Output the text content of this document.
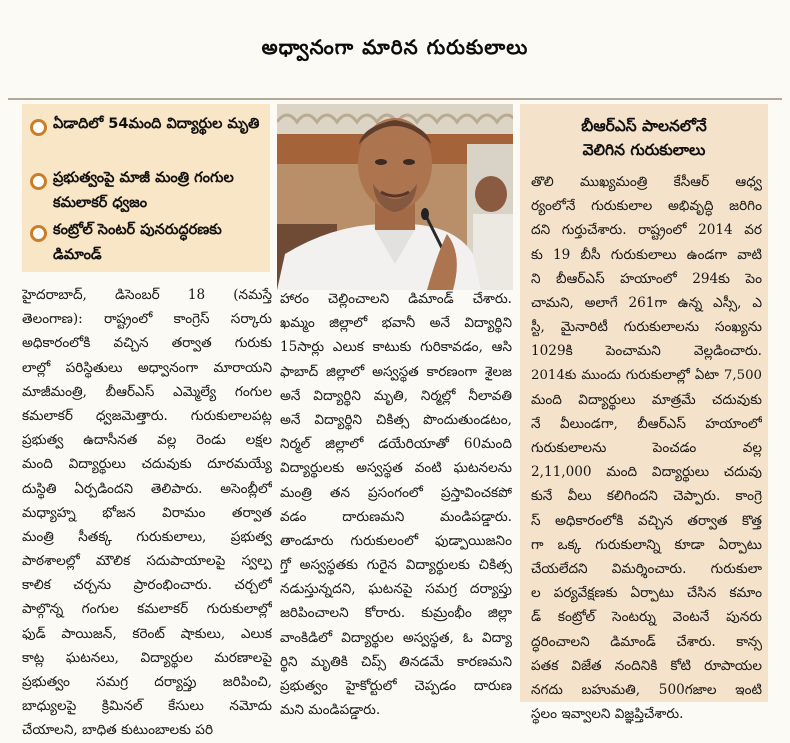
అధ్వానంగా మారిన గురుకులాలు
ఏడాదిలో 54మంది విద్యార్థుల మృతి
ప్రభుత్వంపై మాజీ మంత్రి గంగుల కమలాకర్ ధ్వజం
కంట్రోల్ సెంటర్ పునరుద్ధరణకు డిమాండ్
హైదరాబాద్, డిసెంబర్ 18 (నమస్తే
తెలంగాణ): రాష్ట్రంలో కాంగ్రెస్ సర్కారు
అధికారంలోకి వచ్చిన తర్వాత గురుకు
లాల్లో పరిస్థితులు అధ్వానంగా మారాయని
మాజీమంత్రి, బీఆర్ఎస్ ఎమ్మెల్యే గంగుల
కమలాకర్ ధ్వజమెత్తారు. గురుకులాలపట్ల
ప్రభుత్వ ఉదాసీనత వల్ల రెండు లక్షల
మంది విద్యార్థులు చదువుకు దూరమయ్యే
దుస్థితి ఏర్పడిందని తెలిపారు. అసెంబ్లీలో
మధ్యాహ్న భోజన విరామం తర్వాత
మంత్రి సీతక్క గురుకులాలు, ప్రభుత్వ
పాఠశాలల్లో మౌలిక సదుపాయాలపై స్వల్ప
కాలిక చర్చను ప్రారంభించారు. చర్చలో
పాల్గొన్న గంగుల కమలాకర్ గురుకులాల్లో
ఫుడ్ పాయిజన్, కరెంట్ షాకులు, ఎలుక
కాట్ల ఘటనలు, విద్యార్థుల మరణాలపై
ప్రభుత్వం సమగ్ర దర్యాప్తు జరిపించి,
బాధ్యులపై క్రిమినల్ కేసులు నమోదు
చేయాలని, బాధిత కుటుంబాలకు పరి
హారం చెల్లించాలని డిమాండ్ చేశారు.
ఖమ్మం జిల్లాలో భవానీ అనే విద్యార్థిని
15సార్లు ఎలుక కాటుకు గురికావడం, ఆసి
ఫాబాద్ జిల్లాలో అస్వస్థత కారణంగా శైలజ
అనే విద్యార్థిని మృతి, నిర్మల్లో నీలావతి
అనే విద్యార్థిని చికిత్స పొందుతుండటం,
నిర్మల్ జిల్లాలో డయేరియాతో 60మంది
విద్యార్థులకు అస్వస్థత వంటి ఘటనలను
మంత్రి తన ప్రసంగంలో ప్రస్తావించకపో
వడం దారుణమని మండిపడ్డారు.
తాండూరు గురుకులంలో ఫుడ్పాయిజనిం
గ్తో అస్వస్థతకు గురైన విద్యార్థులకు చికిత్స
నడుస్తున్నదని, ఘటనపై సమగ్ర దర్యాప్తు
జరిపించాలని కోరారు. కుమ్రంభీం జిల్లా
వాంకిడిలో విద్యార్థుల అస్వస్థత, ఓ విద్యా
ర్థిని మృతికి చిప్స్ తినడమే కారణమని
ప్రభుత్వం హైకోర్టులో చెప్పడం దారుణ
మని మండిపడ్డారు.
బీఆర్ఎస్ పాలనలోనే
వెలిగిన గురుకులాలు
తొలి ముఖ్యమంత్రి కేసీఆర్ ఆధ్వ
ర్యంలోనే గురుకులాల అభివృద్ధి జరిగిం
దని గుర్తుచేశారు. రాష్ట్రంలో 2014 వర
కు 19 బీసీ గురుకులాలు ఉండగా వాటి
ని బీఆర్ఎస్ హయాంలో 294కు పెం
చామని, అలాగే 261గా ఉన్న ఎస్సీ, ఎ
స్టీ, మైనారిటీ గురుకులాలను సంఖ్యను
1029కి పెంచామని వెల్లడించారు.
2014కు ముందు గురుకులాల్లో ఏటా 7,500
మంది విద్యార్థులు మాత్రమే చదువుకు
నే వీలుండగా, బీఆర్ఎస్ హయాంలో
గురుకులాలను పెంచడం వల్ల
2,11,000 మంది విద్యార్థులు చదువు
కునే వీలు కలిగిందని చెప్పారు. కాంగ్రె
స్ అధికారంలోకి వచ్చిన తర్వాత కొత్త
గా ఒక్క గురుకులాన్ని కూడా ఏర్పాటు
చేయలేదని విమర్శించారు. గురుకులా
ల పర్యవేక్షణకు ఏర్పాటు చేసిన కమాం
డ్ కంట్రోల్ సెంటర్ను వెంటనే పునరు
ద్ధరించాలని డిమాండ్ చేశారు. కాన్స
పతక విజేత నందినికి కోటి రూపాయల
నగదు బహుమతి, 500గజాల ఇంటి
స్థలం ఇవ్వాలని విజ్ఞప్తిచేశారు.
